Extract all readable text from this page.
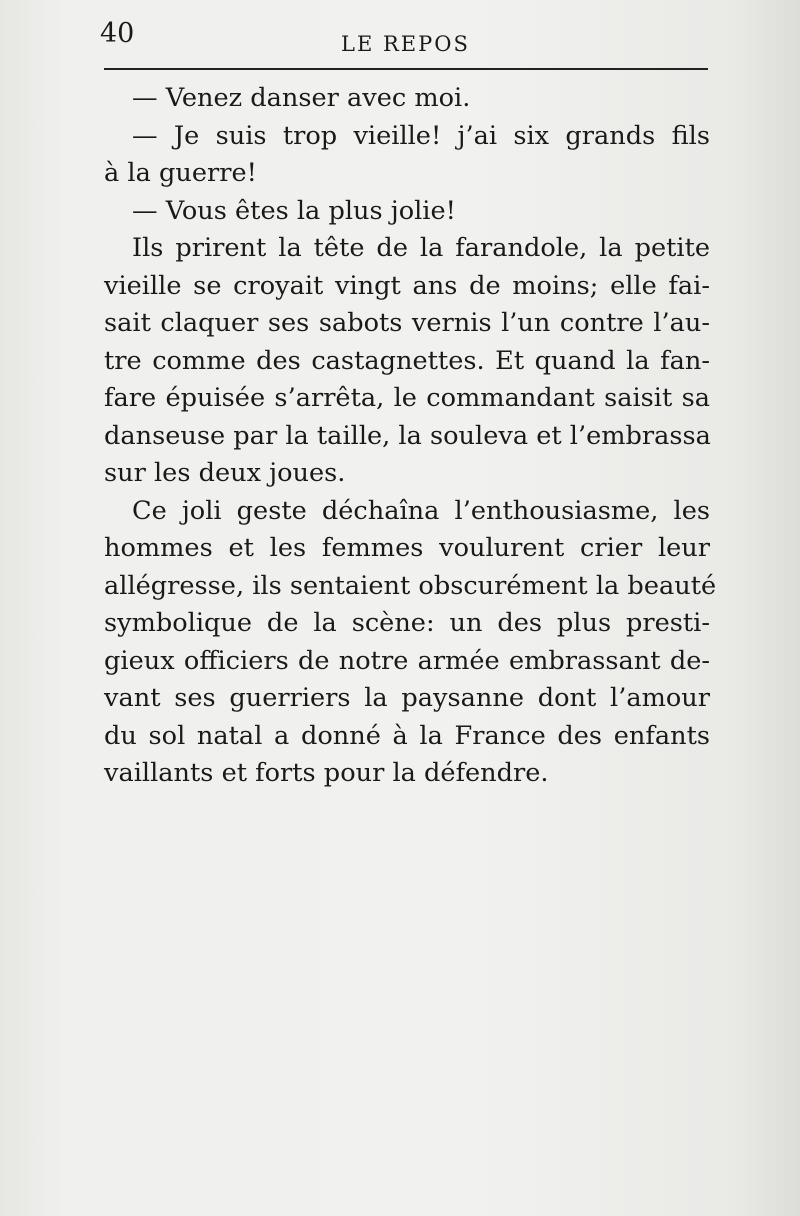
40	LE REPOS
— Venez danser avec moi.
— Je suis trop vieille! j’ai six grands fils
à la guerre!
— Vous êtes la plus jolie!
Ils prirent la tête de la farandole, la petite
vieille se croyait vingt ans de moins; elle fai-
sait claquer ses sabots vernis l’un contre l’au-
tre comme des castagnettes. Et quand la fan-
fare épuisée s’arrêta, le commandant saisit sa
danseuse par la taille, la souleva et l’embrassa
sur les deux joues.
Ce joli geste déchaîna l’enthousiasme, les
hommes et les femmes voulurent crier leur
allégresse, ils sentaient obscurément la beauté
symbolique de la scène: un des plus presti-
gieux officiers de notre armée embrassant de-
vant ses guerriers la paysanne dont l’amour
du sol natal a donné à la France des enfants
vaillants et forts pour la défendre.
